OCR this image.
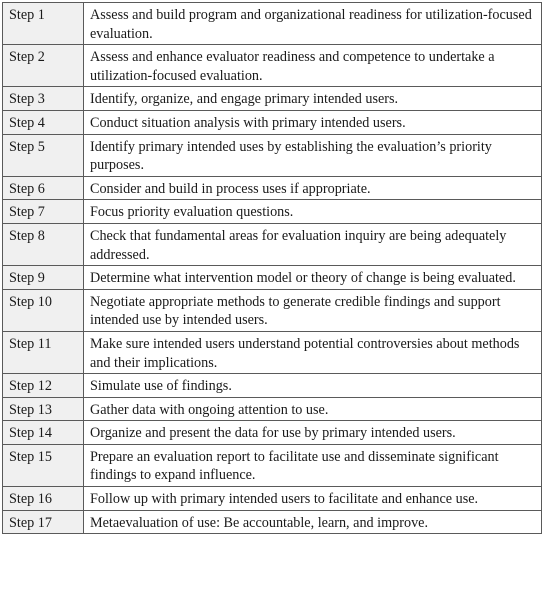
Step 1	Assess and build program and organizational readiness for utilization-focused evaluation.
Step 2	Assess and enhance evaluator readiness and competence to undertake a utilization-focused evaluation.
Step 3	Identify, organize, and engage primary intended users.
Step 4	Conduct situation analysis with primary intended users.
Step 5	Identify primary intended uses by establishing the evaluation’s priority purposes.
Step 6	Consider and build in process uses if appropriate.
Step 7	Focus priority evaluation questions.
Step 8	Check that fundamental areas for evaluation inquiry are being adequately addressed.
Step 9	Determine what intervention model or theory of change is being evaluated.
Step 10	Negotiate appropriate methods to generate credible findings and support intended use by intended users.
Step 11	Make sure intended users understand potential controversies about methods and their implications.
Step 12	Simulate use of findings.
Step 13	Gather data with ongoing attention to use.
Step 14	Organize and present the data for use by primary intended users.
Step 15	Prepare an evaluation report to facilitate use and disseminate significant findings to expand influence.
Step 16	Follow up with primary intended users to facilitate and enhance use.
Step 17	Metaevaluation of use: Be accountable, learn, and improve.
